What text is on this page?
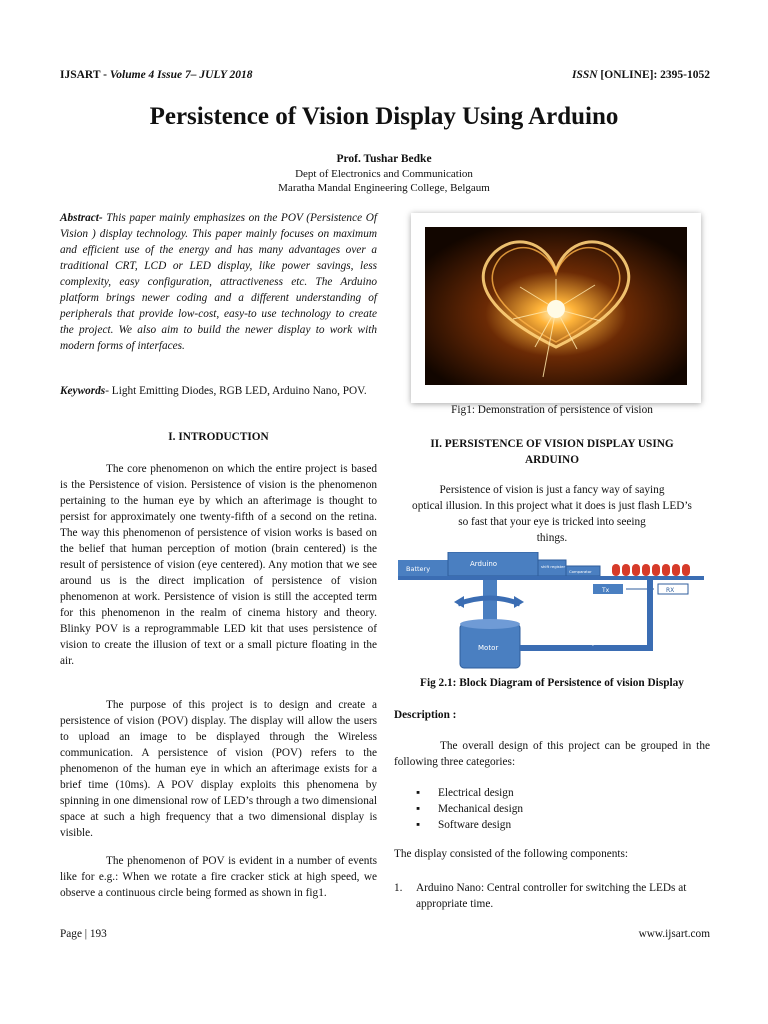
IJSART - Volume 4 Issue 7– JULY 2018	ISSN [ONLINE]: 2395-1052
Persistence of Vision Display Using Arduino
Prof. Tushar Bedke
Dept of Electronics and Communication
Maratha Mandal Engineering College, Belgaum
Abstract- This paper mainly emphasizes on the POV (Persistence Of Vision ) display technology. This paper mainly focuses on maximum and efficient use of the energy and has many advantages over a traditional CRT, LCD or LED display, like power savings, less complexity, easy configuration, attractiveness etc. The Arduino platform brings newer coding and a different understanding of peripherals that provide low-cost, easy-to use technology to create the project. We also aim to build the newer display to work with modern forms of interfaces.
Keywords- Light Emitting Diodes, RGB LED, Arduino Nano, POV.
I. INTRODUCTION

The core phenomenon on which the entire project is based is the Persistence of vision. Persistence of vision is the phenomenon pertaining to the human eye by which an afterimage is thought to persist for approximately one twenty-fifth of a second on the retina. The way this phenomenon of persistence of vision works is based on the belief that human perception of motion (brain centered) is the result of persistence of vision (eye centered). Any motion that we see around us is the direct implication of persistence of vision phenomenon at work. Persistence of vision is still the accepted term for this phenomenon in the realm of cinema history and theory. Blinky POV is a reprogrammable LED kit that uses persistence of vision to create the illusion of text or a small picture floating in the air.

The purpose of this project is to design and create a persistence of vision (POV) display. The display will allow the users to upload an image to be displayed through the Wireless communication. A persistence of vision (POV) refers to the phenomenon of the human eye in which an afterimage exists for a brief time (10ms). A POV display exploits this phenomena by spinning in one dimensional row of LED’s through a two dimensional space at such a high frequency that a two dimensional display is visible.

The phenomenon of POV is evident in a number of events like for e.g.: When we rotate a fire cracker stick at high speed, we observe a continuous circle being formed as shown in fig1.

Fig1: Demonstration of persistence of vision
II. PERSISTENCE OF VISION DISPLAY USING
ARDUINO
Persistence of vision is just a fancy way of saying
optical illusion. In this project what it does is just flash LED’s
so fast that your eye is tricked into seeing
things.
Battery
Arduino	shift register
Comparator
Tx	RX
Motor	Iron Rod used as object
Fig 2.1: Block Diagram of Persistence of vision Display
Description :

The overall design of this project can be grouped in the following three categories:

▪ Electrical design
▪ Mechanical design
▪ Software design
The display consisted of the following components:
1. Arduino Nano: Central controller for switching the LEDs at appropriate time.
Page | 193	www.ijsart.com
